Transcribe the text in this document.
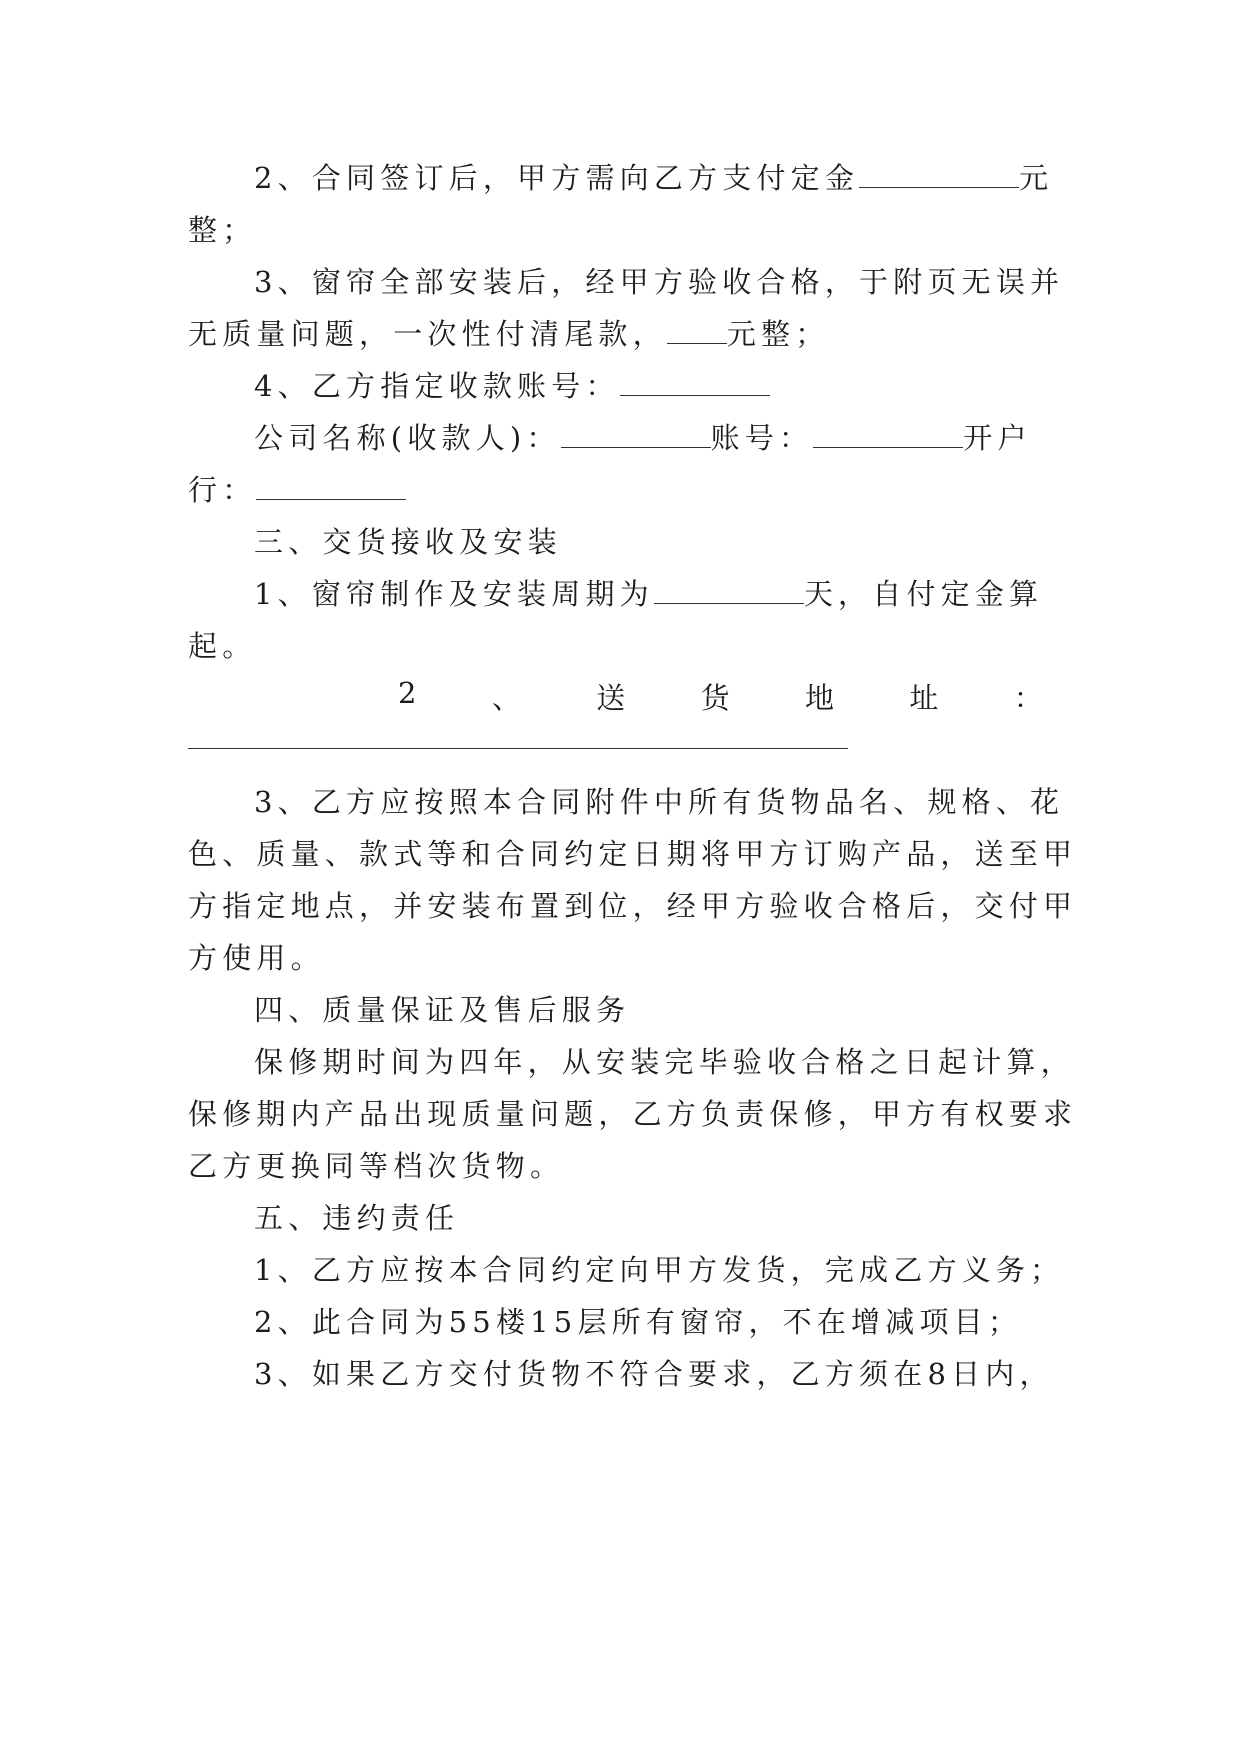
2、合同签订后，甲方需向乙方支付定金	元

整；

3、窗帘全部安装后，经甲方验收合格，于附页无误并

无质量问题，一次性付清尾款， 元整；

4、乙方指定收款账号：

公司名称(收款人)：	账号：	开户

行：

三、交货接收及安装

1、窗帘制作及安装周期为	天，自付定金算

起。

2 、 送 货 地 址 ：

3、乙方应按照本合同附件中所有货物品名、规格、花

色、质量、款式等和合同约定日期将甲方订购产品，送至甲

方指定地点，并安装布置到位，经甲方验收合格后，交付甲

方使用。

四、质量保证及售后服务

保修期时间为四年，从安装完毕验收合格之日起计算，

保修期内产品出现质量问题，乙方负责保修，甲方有权要求

乙方更换同等档次货物。

五、违约责任

1、乙方应按本合同约定向甲方发货，完成乙方义务；

2、此合同为55楼15层所有窗帘，不在增减项目；

3、如果乙方交付货物不符合要求，乙方须在8日内，
